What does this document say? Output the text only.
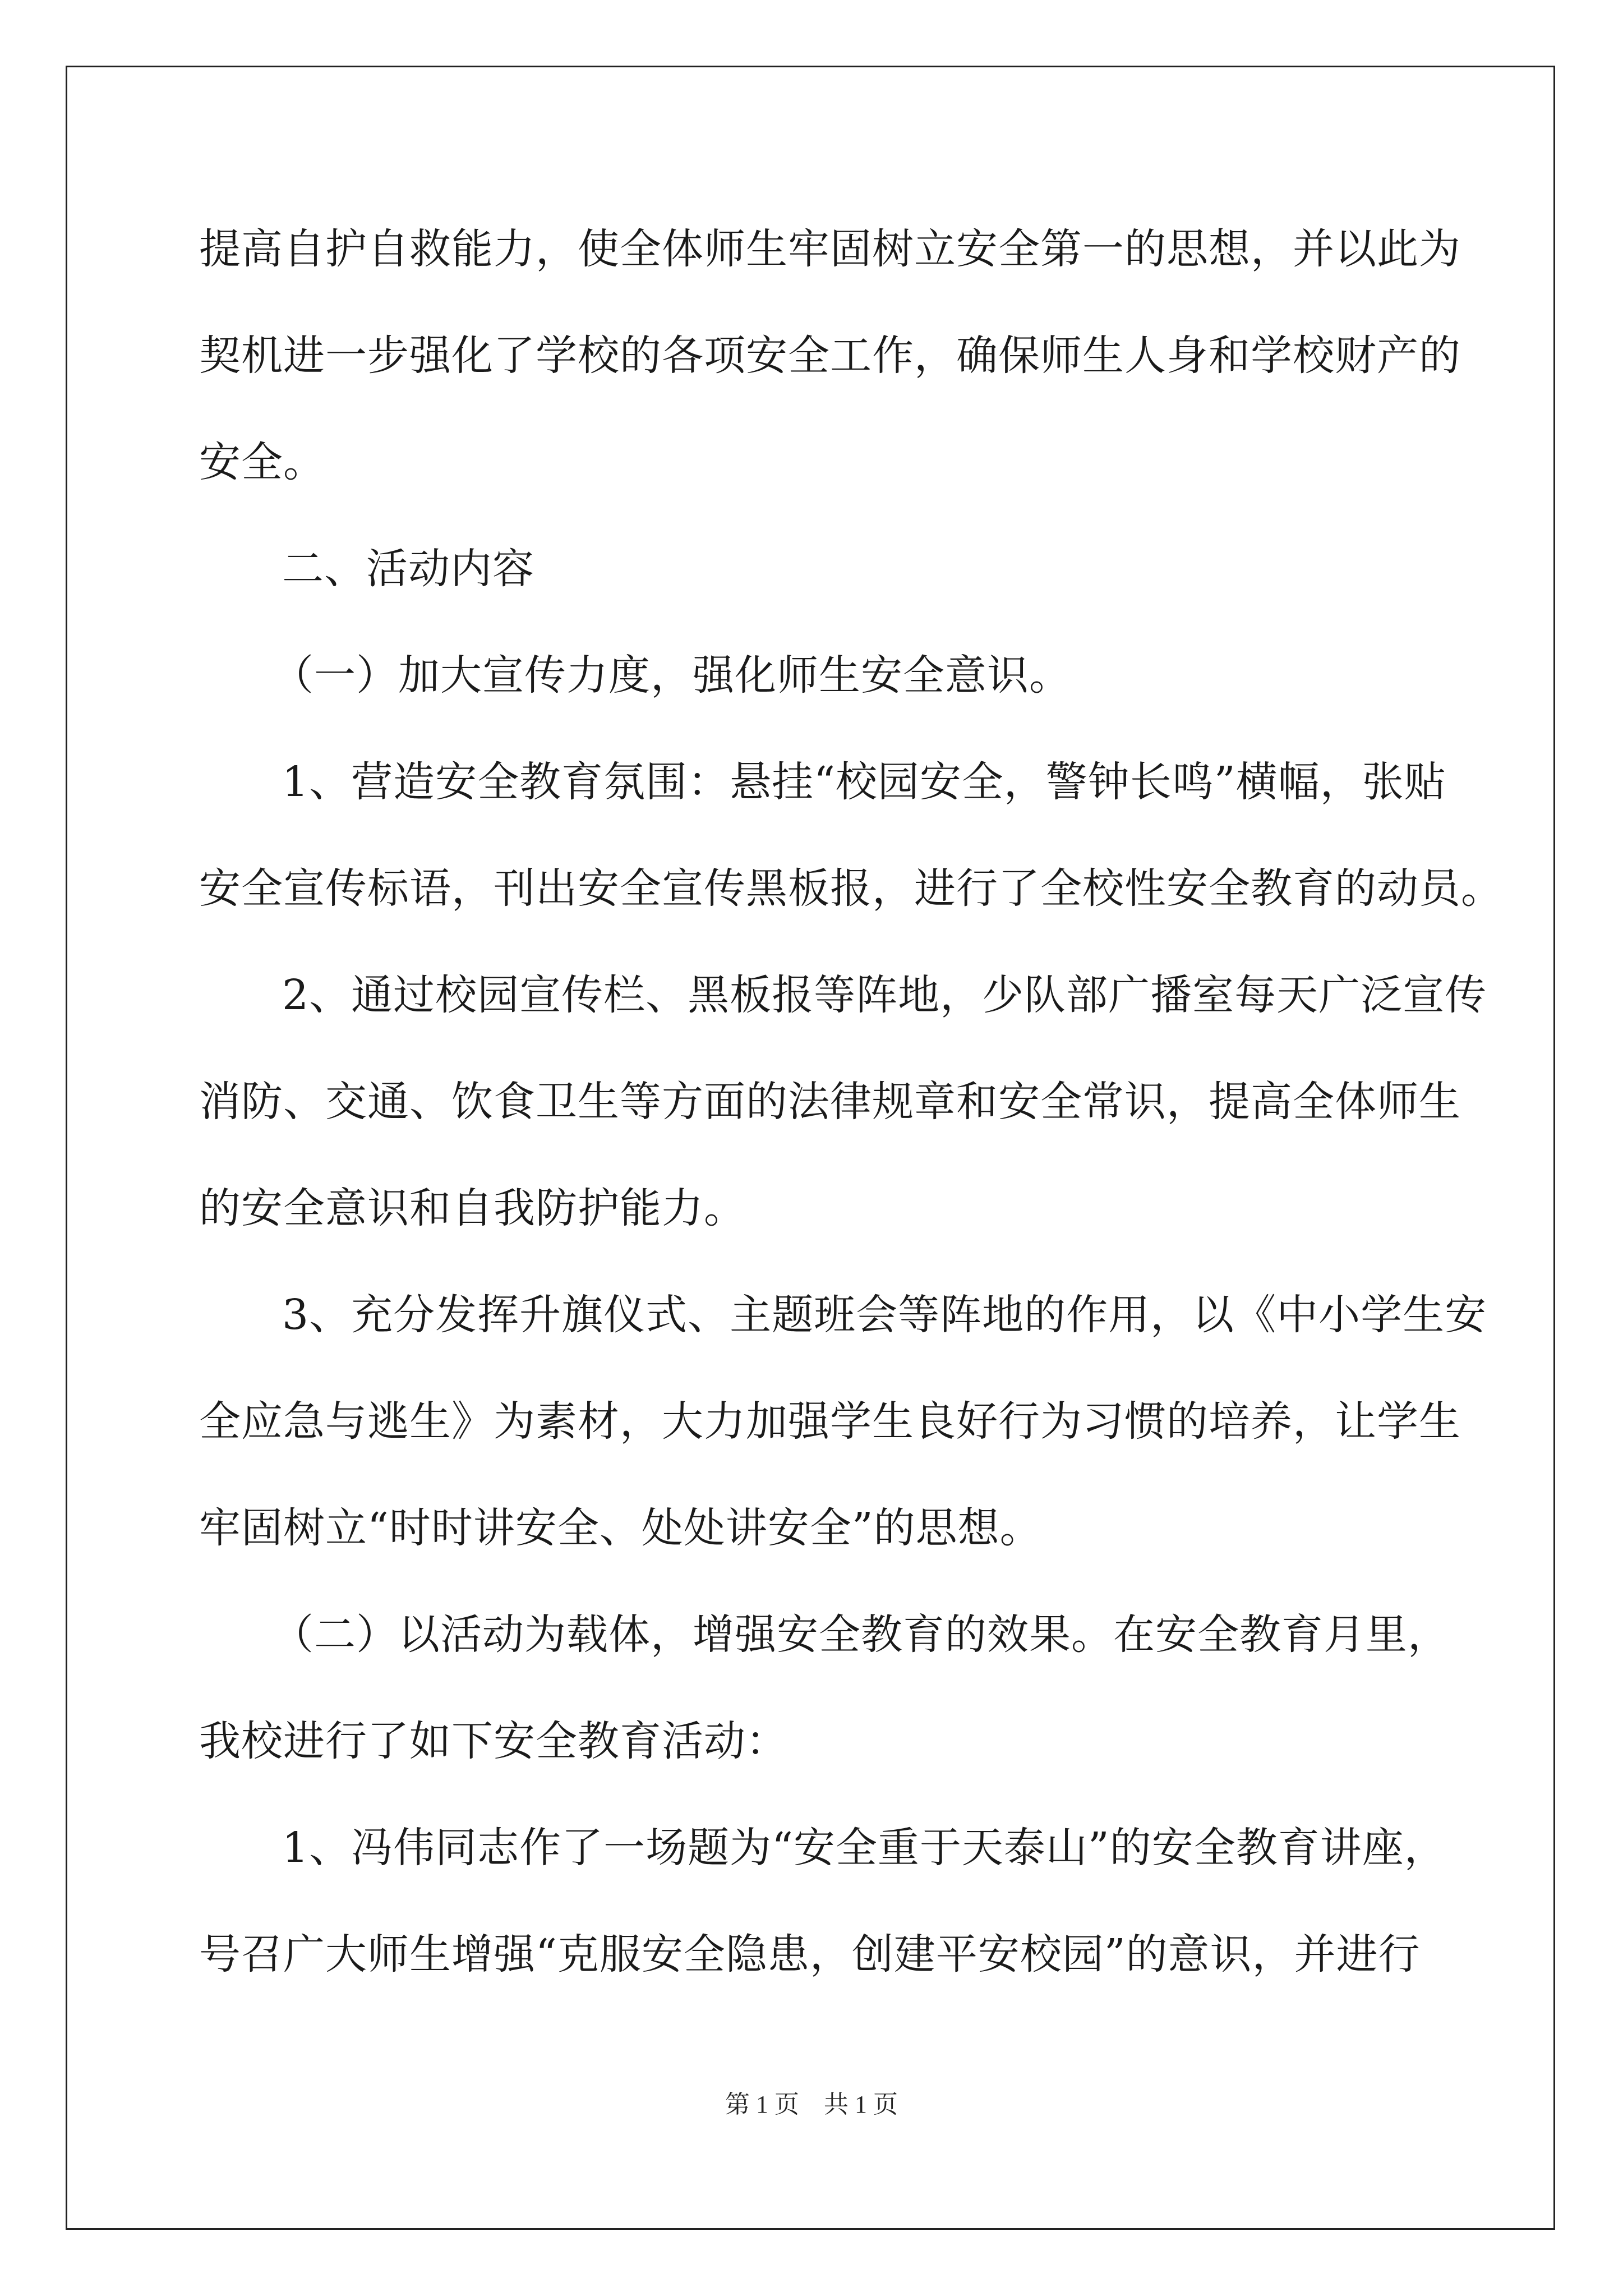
提高自护自救能力，使全体师生牢固树立安全第一的思想，并以此为
契机进一步强化了学校的各项安全工作，确保师生人身和学校财产的
安全。
二、活动内容
（一）加大宣传力度，强化师生安全意识。
1、营造安全教育氛围：悬挂“校园安全，警钟长鸣”横幅，张贴
安全宣传标语，刊出安全宣传黑板报，进行了全校性安全教育的动员。
2、通过校园宣传栏、黑板报等阵地，少队部广播室每天广泛宣传
消防、交通、饮食卫生等方面的法律规章和安全常识，提高全体师生
的安全意识和自我防护能力。
3、充分发挥升旗仪式、主题班会等阵地的作用，以《中小学生安
全应急与逃生》为素材，大力加强学生良好行为习惯的培养，让学生
牢固树立“时时讲安全、处处讲安全”的思想。
（二）以活动为载体，增强安全教育的效果。在安全教育月里，
我校进行了如下安全教育活动：
1、冯伟同志作了一场题为“安全重于天泰山”的安全教育讲座，
号召广大师生增强“克服安全隐患，创建平安校园”的意识，并进行
第 1 页    共 1 页
